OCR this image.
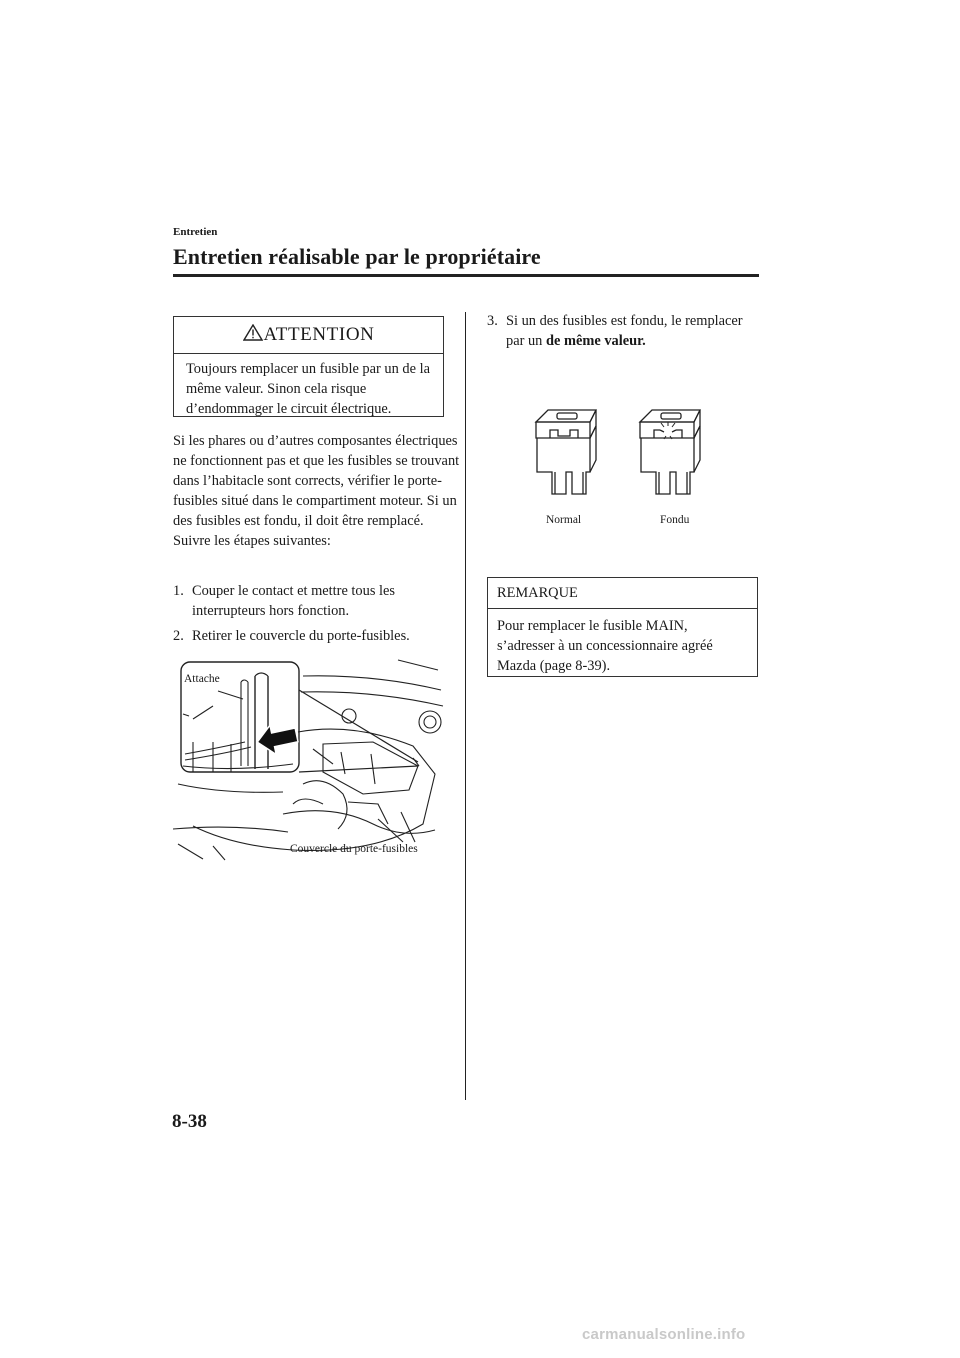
Entretien
Entretien réalisable par le propriétaire
ATTENTION
Toujours remplacer un fusible par un de la même valeur. Sinon cela risque d’endommager le circuit électrique.
Si les phares ou d’autres composantes électriques ne fonctionnent pas et que les fusibles se trouvant dans l’habitacle sont corrects, vérifier le porte-fusibles situé dans le compartiment moteur. Si un des fusibles est fondu, il doit être remplacé. Suivre les étapes suivantes:
1. Couper le contact et mettre tous les interrupteurs hors fonction.
2. Retirer le couvercle du porte-fusibles.
Attache
Couvercle du porte-fusibles
3. Si un des fusibles est fondu, le remplacer par un de même valeur.
Normal	Fondu
REMARQUE
Pour remplacer le fusible MAIN, s’adresser à un concessionnaire agréé Mazda (page 8-39).
8-38
carmanualsonline.info
